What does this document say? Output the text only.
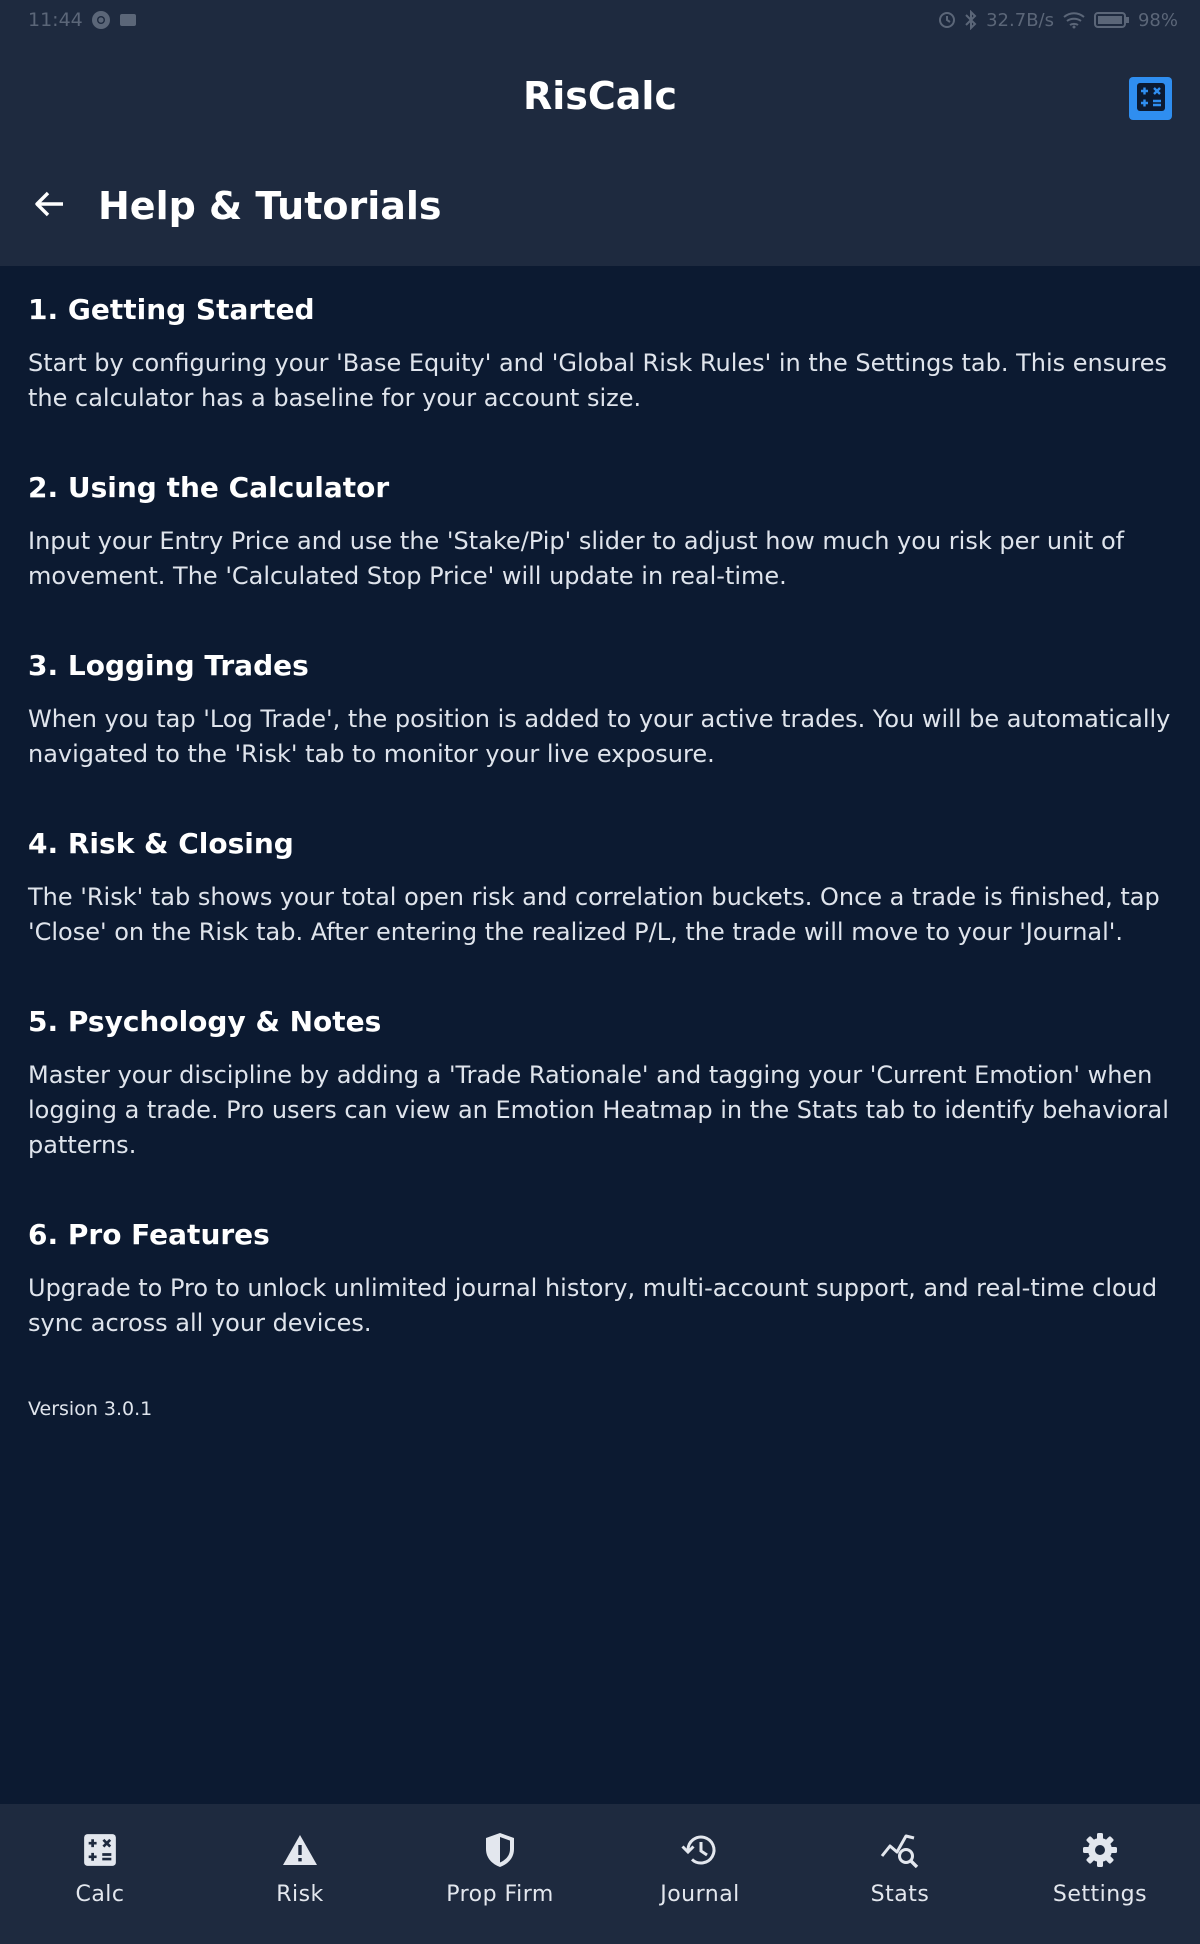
11:44	32.7B/s	98%
RisCalc
Help & Tutorials
1. Getting Started

Start by configuring your 'Base Equity' and 'Global Risk Rules' in the Settings tab. This ensures the calculator has a baseline for your account size.

2. Using the Calculator

Input your Entry Price and use the 'Stake/Pip' slider to adjust how much you risk per unit of movement. The 'Calculated Stop Price' will update in real-time.

3. Logging Trades

When you tap 'Log Trade', the position is added to your active trades. You will be automatically navigated to the 'Risk' tab to monitor your live exposure.

4. Risk & Closing

The 'Risk' tab shows your total open risk and correlation buckets. Once a trade is finished, tap 'Close' on the Risk tab. After entering the realized P/L, the trade will move to your 'Journal'.

5. Psychology & Notes

Master your discipline by adding a 'Trade Rationale' and tagging your 'Current Emotion' when logging a trade. Pro users can view an Emotion Heatmap in the Stats tab to identify behavioral patterns.

6. Pro Features

Upgrade to Pro to unlock unlimited journal history, multi-account support, and real-time cloud sync across all your devices.

Version 3.0.1
Calc	Risk	Prop Firm	Journal	Stats	Settings
